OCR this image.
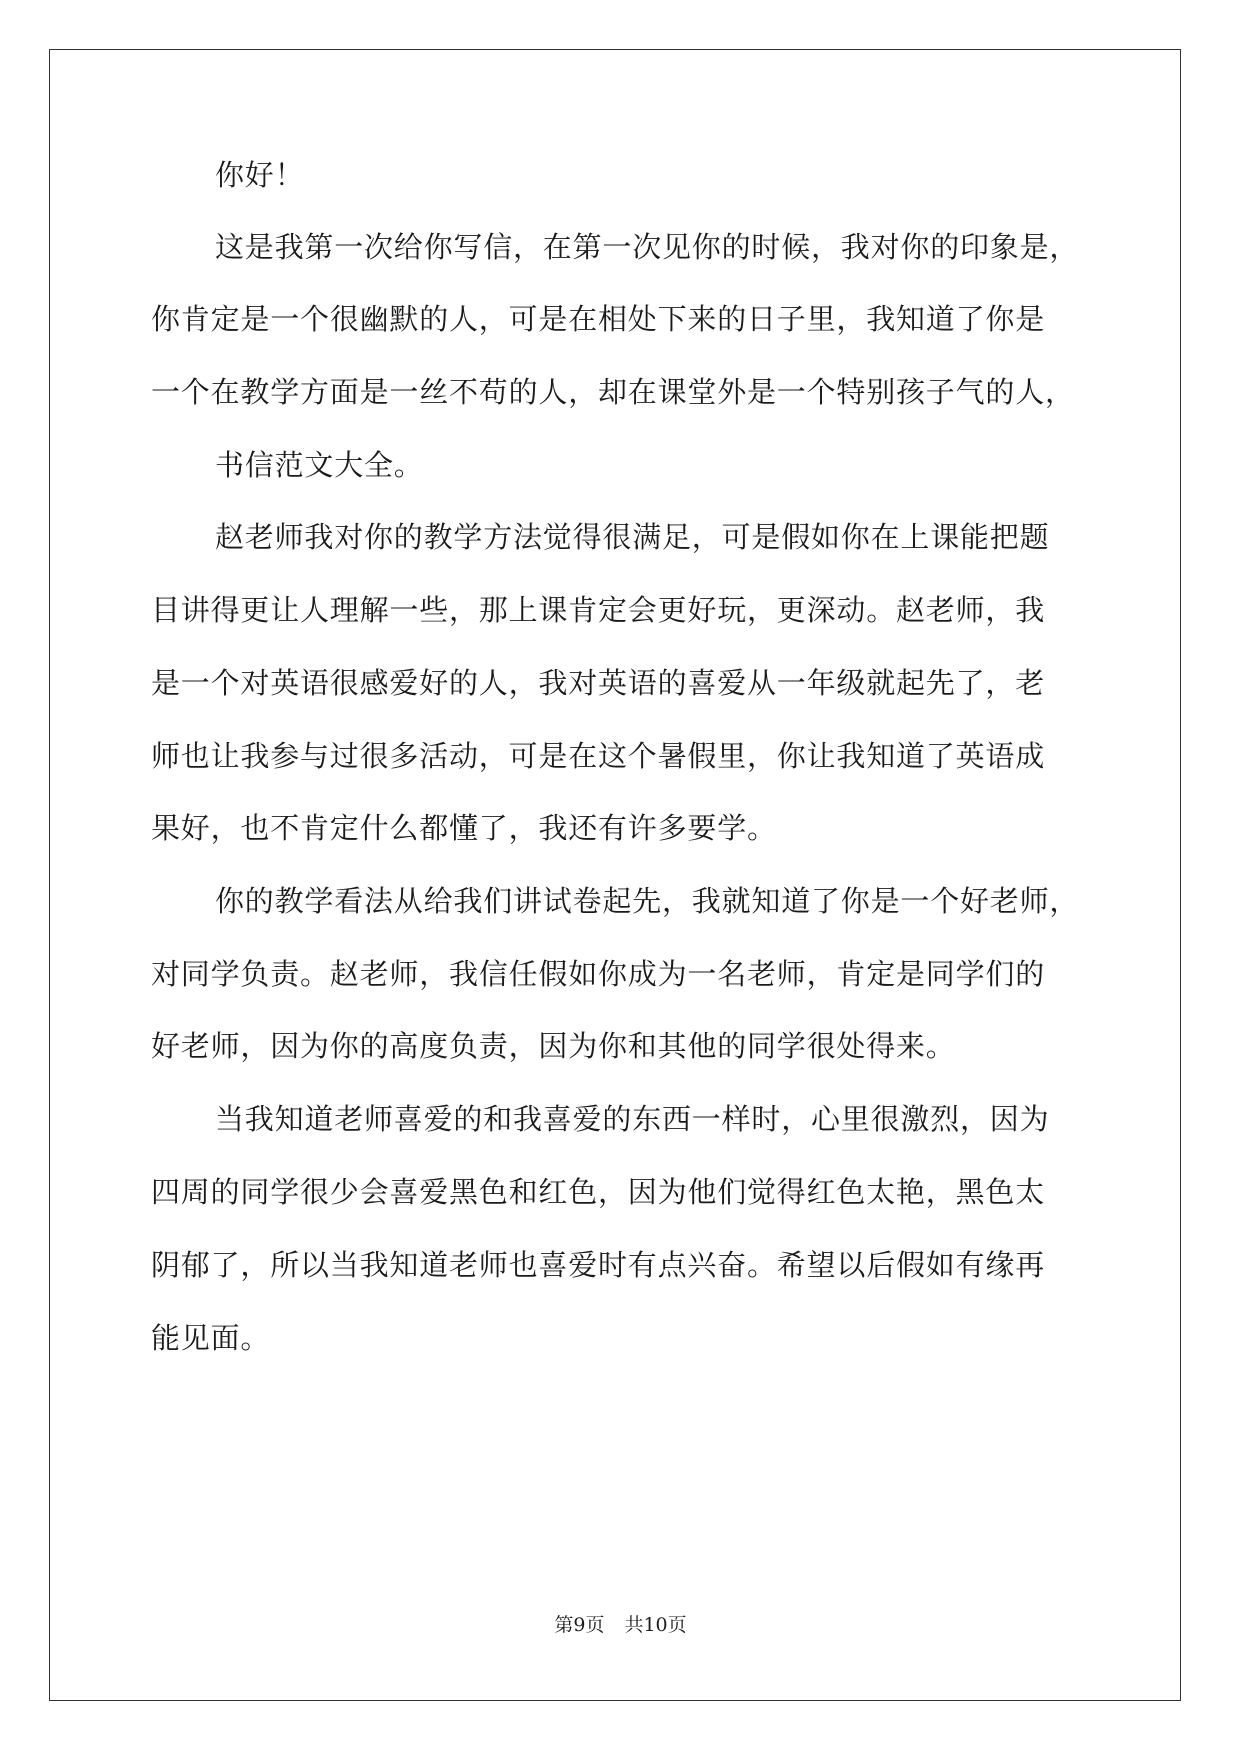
你好！
这是我第一次给你写信，在第一次见你的时候，我对你的印象是，
你肯定是一个很幽默的人，可是在相处下来的日子里，我知道了你是
一个在教学方面是一丝不苟的人，却在课堂外是一个特别孩子气的人，
书信范文大全。
赵老师我对你的教学方法觉得很满足，可是假如你在上课能把题
目讲得更让人理解一些，那上课肯定会更好玩，更深动。赵老师，我
是一个对英语很感爱好的人，我对英语的喜爱从一年级就起先了，老
师也让我参与过很多活动，可是在这个暑假里，你让我知道了英语成
果好，也不肯定什么都懂了，我还有许多要学。
你的教学看法从给我们讲试卷起先，我就知道了你是一个好老师，
对同学负责。赵老师，我信任假如你成为一名老师，肯定是同学们的
好老师，因为你的高度负责，因为你和其他的同学很处得来。
当我知道老师喜爱的和我喜爱的东西一样时，心里很激烈，因为
四周的同学很少会喜爱黑色和红色，因为他们觉得红色太艳，黑色太
阴郁了，所以当我知道老师也喜爱时有点兴奋。希望以后假如有缘再
能见面。
第9页 共10页
